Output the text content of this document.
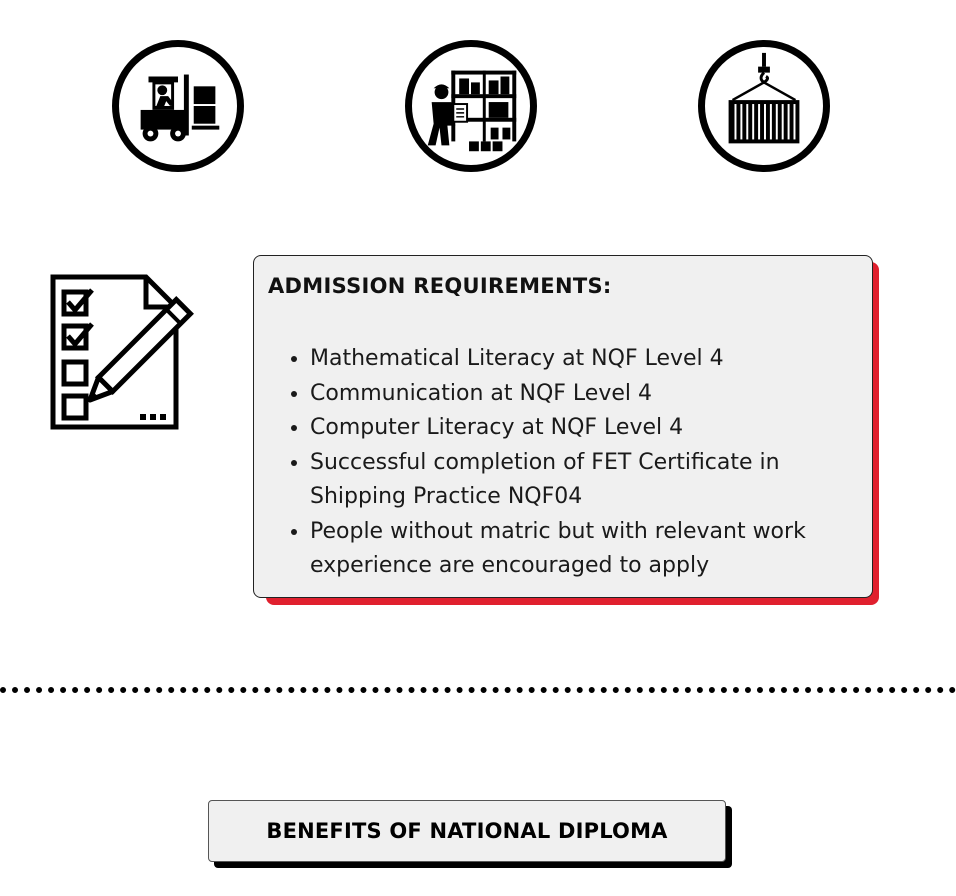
ADMISSION REQUIREMENTS:
• Mathematical Literacy at NQF Level 4
• Communication at NQF Level 4
• Computer Literacy at NQF Level 4
• Successful completion of FET Certificate in Shipping Practice NQF04
• People without matric but with relevant work experience are encouraged to apply
BENEFITS OF NATIONAL DIPLOMA
